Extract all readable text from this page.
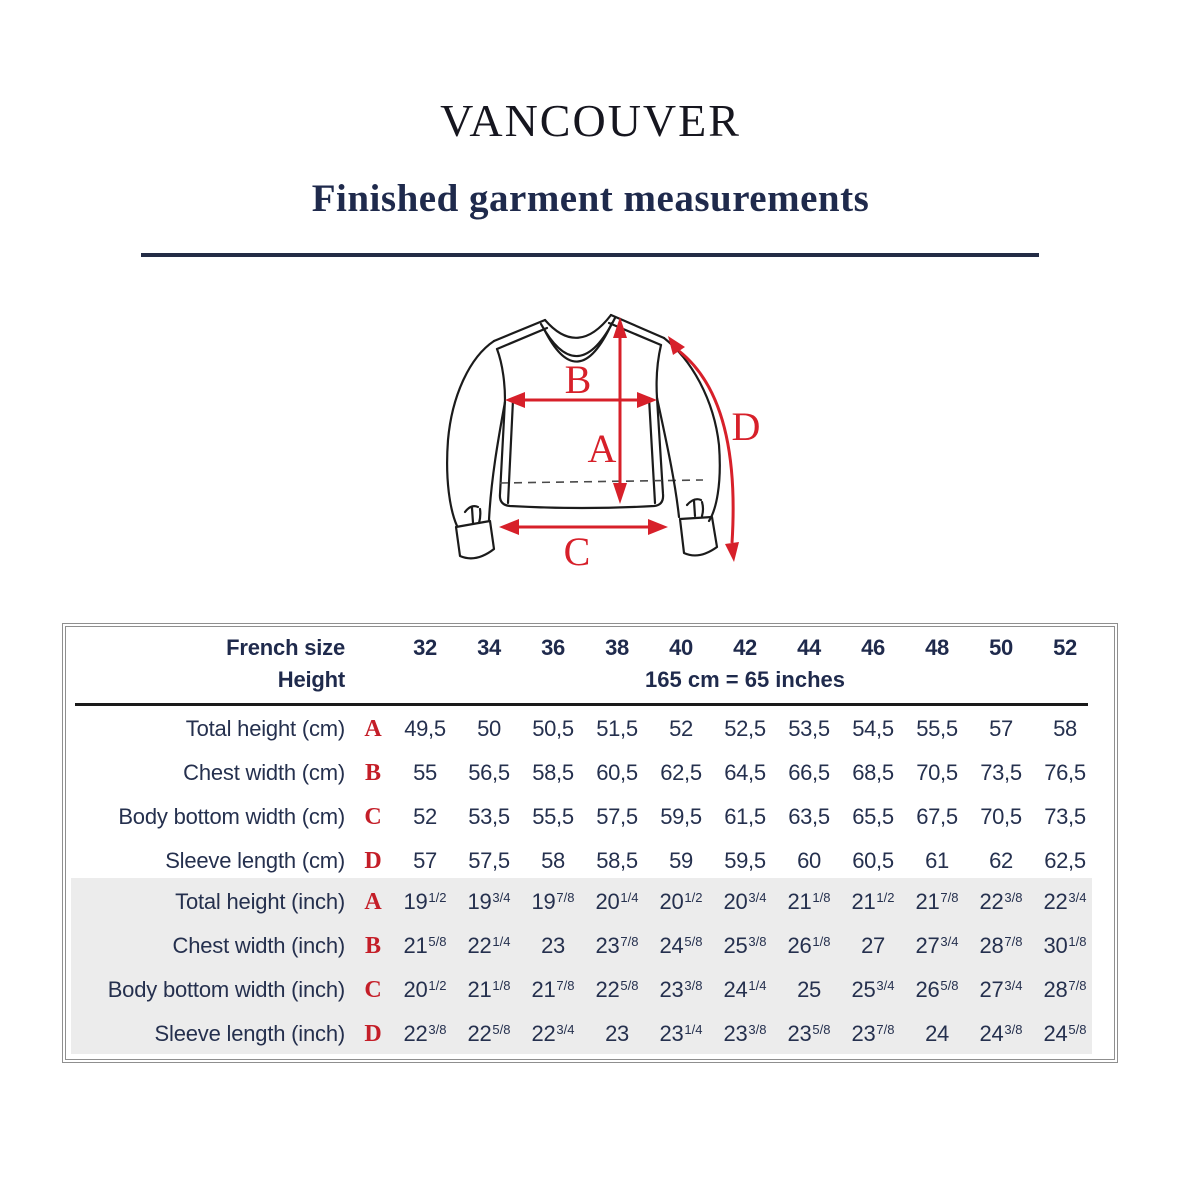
VANCOUVER
Finished garment measurements
B
A
C
D
French size	32	34	36	38	40	42	44	46	48	50	52
Height	165 cm = 65 inches
Total height (cm) A	49,5	50	50,5	51,5	52	52,5	53,5	54,5	55,5	57	58
Chest width (cm) B	55	56,5	58,5	60,5	62,5	64,5	66,5	68,5	70,5	73,5	76,5
Body bottom width (cm) C	52	53,5	55,5	57,5	59,5	61,5	63,5	65,5	67,5	70,5	73,5
Sleeve length (cm) D	57	57,5	58	58,5	59	59,5	60	60,5	61	62	62,5
Total height (inch) A $19^{1/2}$ $19^{3/4}$ $19^{7/8}$ $20^{1/4}$ $20^{1/2}$ $20^{3/4}$ $21^{1/8}$ $21^{1/2}$ $21^{7/8}$ $22^{3/8}$ $22^{3/4}$
Chest width (inch) B	$21^{5/8}$ $22^{1/4}$	23	$23^{7/8}$ $24^{5/8}$ $25^{3/8}$ $26^{1/8}$	27	$27^{3/4}$ $28^{7/8}$ $30^{1/8}$
Body bottom width (inch) C $20^{1/2}$ $21^{1/8}$ $21^{7/8}$ $22^{5/8}$ $23^{3/8}$ $24^{1/4}$	25	$25^{3/4}$ $26^{5/8}$ $27^{3/4}$ $28^{7/8}$
Sleeve length (inch) D $22^{3/8}$ $22^{5/8}$ $22^{3/4}$	23	$23^{1/4}$ $23^{3/8}$ $23^{5/8}$ $23^{7/8}$	24	$24^{3/8}$ $24^{5/8}$
